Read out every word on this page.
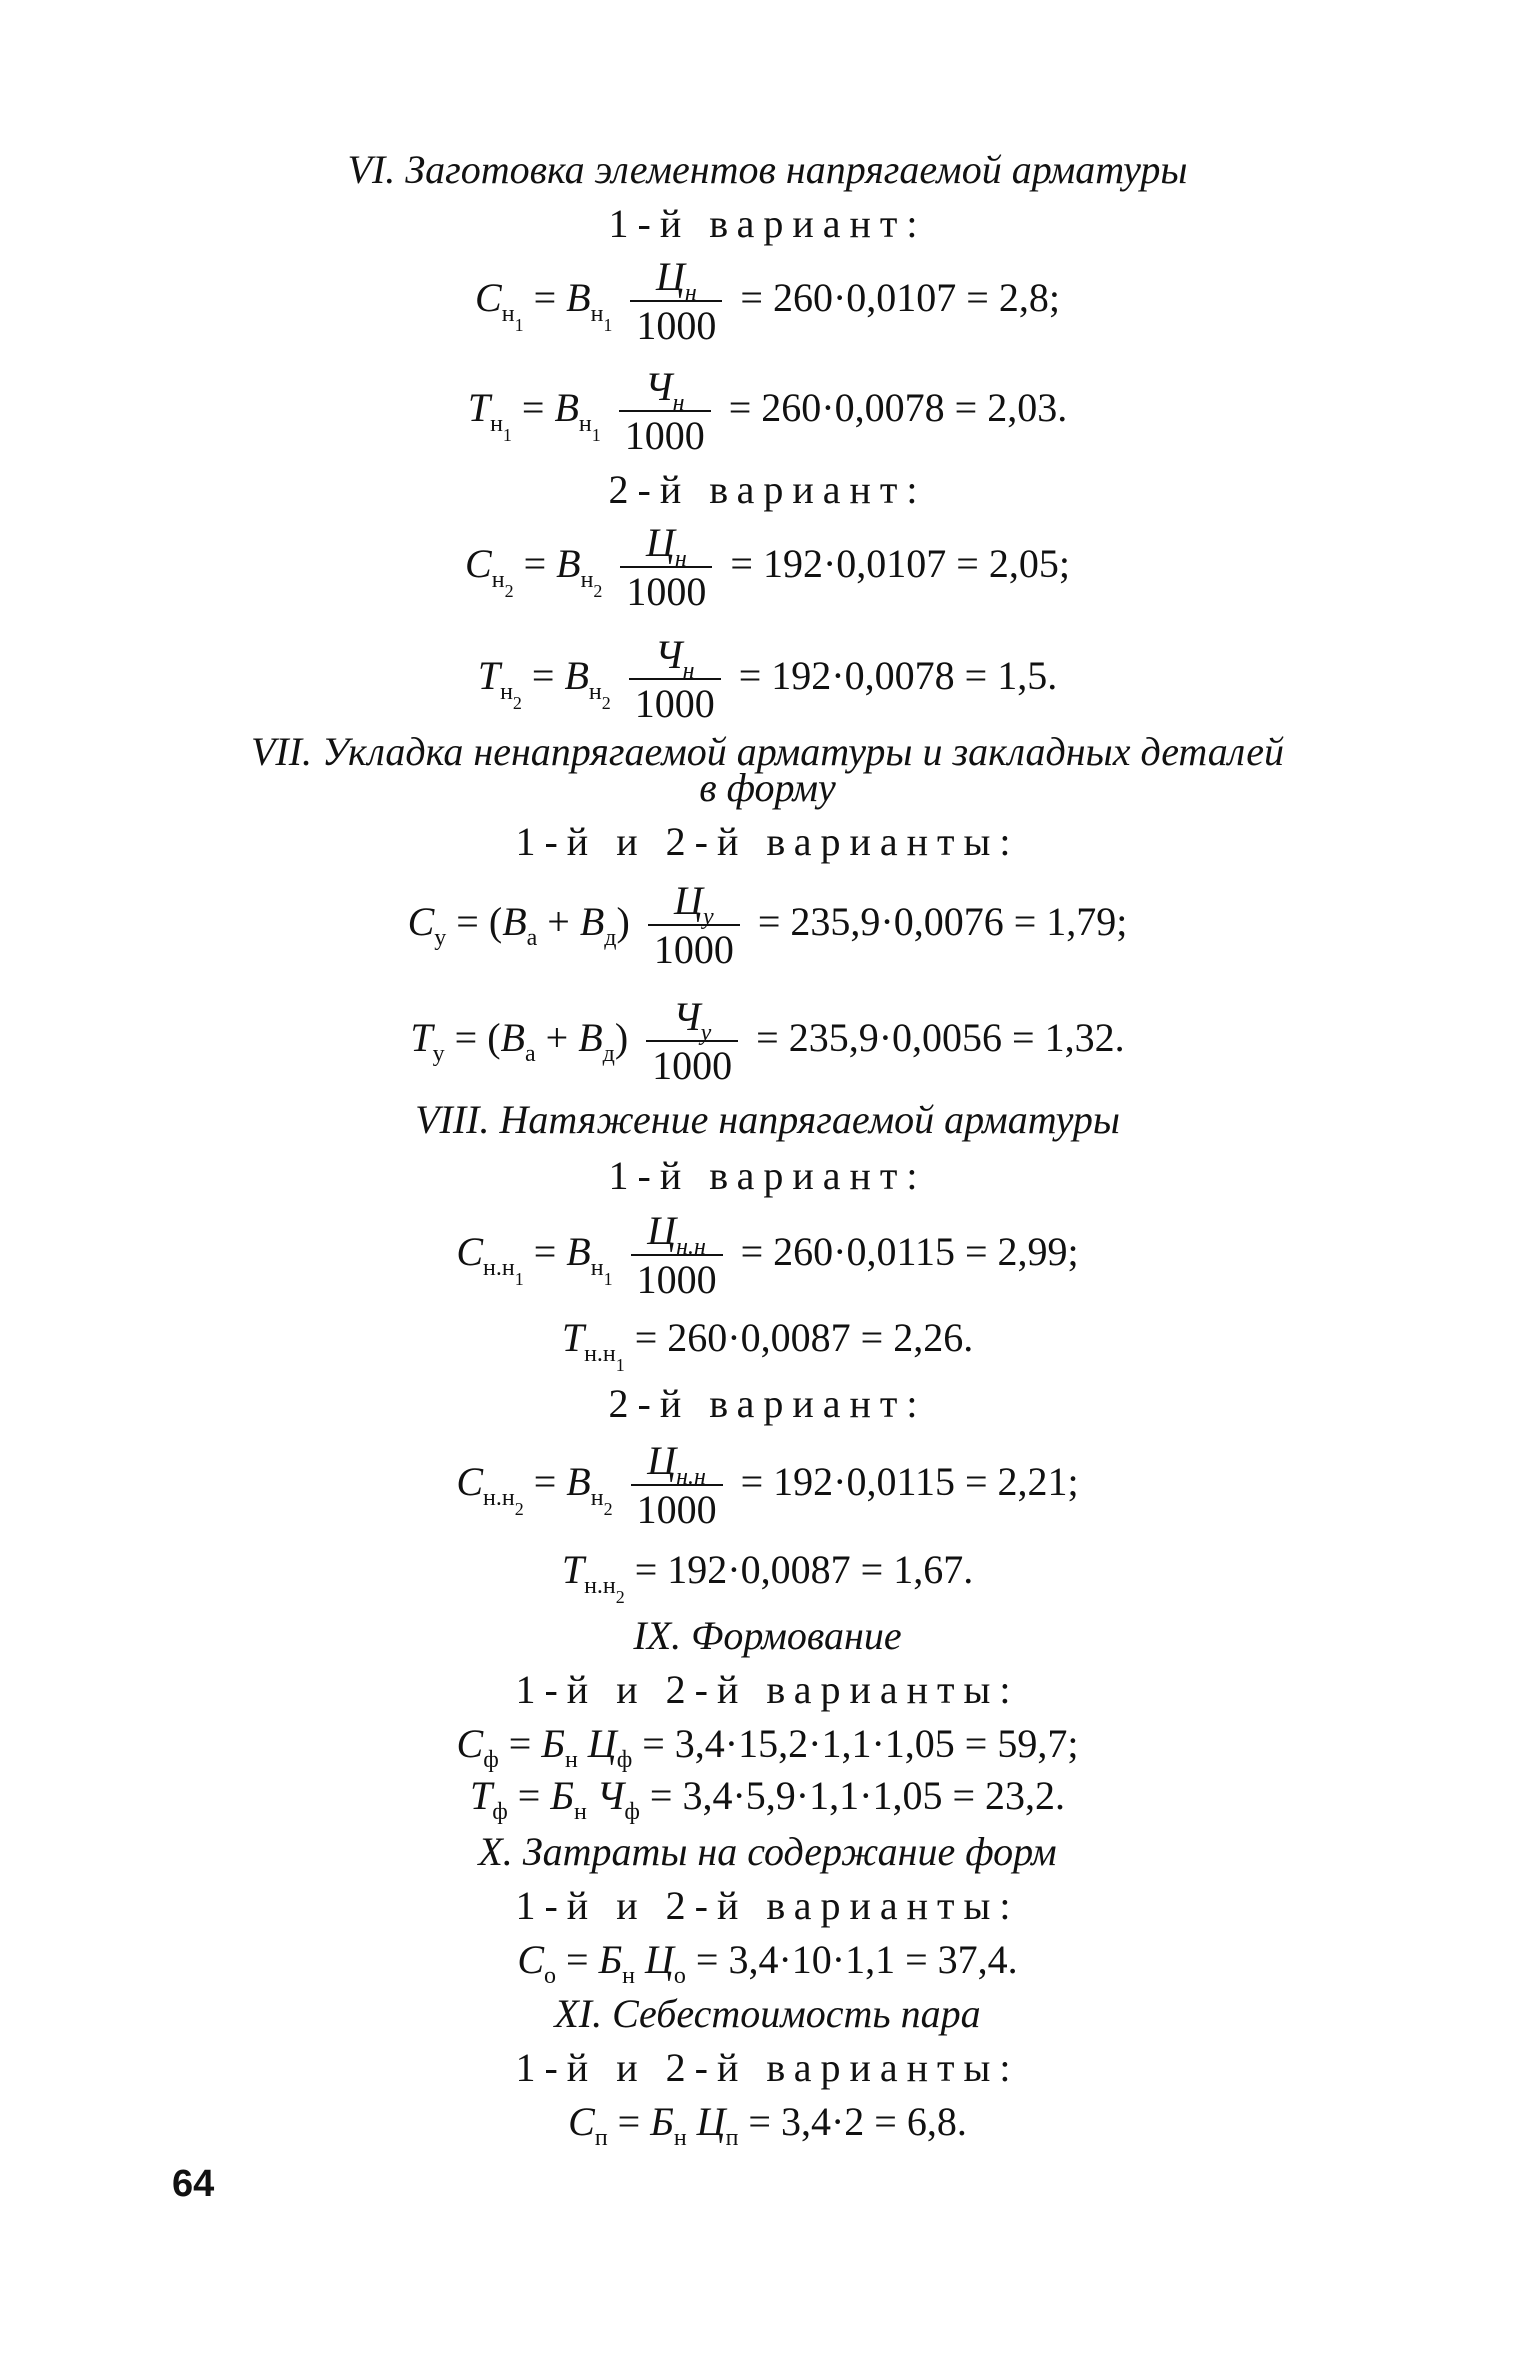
VI. Заготовка элементов напрягаемой арматуры
1-й вариант:
$С_{н_1} = В_{н_1} \frac{Ц_н}{1000} = 260\cdot 0,0107 = 2,8$;
$Т_{н_1} = В_{н_1} \frac{Ч_н}{1000} = 260\cdot 0,0078 = 2,03$.
2-й вариант:
$С_{н_2} = В_{н_2} \frac{Ц_н}{1000} = 192\cdot 0,0107 = 2,05$;
$Т_{н_2} = В_{н_2} \frac{Ч_н}{1000} = 192\cdot 0,0078 = 1,5$.
VII. Укладка ненапрягаемой арматуры и закладных деталей
в форму
1-й и 2-й варианты:
$С_у = (В_а + В_д) \frac{Ц_у}{1000} = 235,9\cdot 0,0076 = 1,79$;
$Т_у = (В_а + В_д) \frac{Ч_у}{1000} = 235,9\cdot 0,0056 = 1,32$.
VIII. Натяжение напрягаемой арматуры
1-й вариант:
$С_{н.н_1} = В_{н_1} \frac{Ц_{н.н}}{1000} = 260\cdot 0,0115 = 2,99$;
$Т_{н.н_1} = 260\cdot 0,0087 = 2,26$.
2-й вариант:
$С_{н.н_2} = В_{н_2} \frac{Ц_{н.н}}{1000} = 192\cdot 0,0115 = 2,21$;
$Т_{н.н_2} = 192\cdot 0,0087 = 1,67$.
IX. Формование
1-й и 2-й варианты:
$С_ф = Б_н$ $Ц_ф = 3,4\cdot 15,2\cdot 1,1\cdot 1,05 = 59,7$;
$Т_ф = Б_н$ $Ч_ф = 3,4\cdot 5,9\cdot 1,1\cdot 1,05 = 23,2$.
X. Затраты на содержание форм
1-й и 2-й варианты:
$С_о = Б_н$ $Ц_о = 3,4\cdot 10\cdot 1,1 = 37,4$.
XI. Себестоимость пара
1-й и 2-й варианты:
$С_п = Б_н$ $Ц_п = 3,4\cdot 2 = 6,8$.
64
